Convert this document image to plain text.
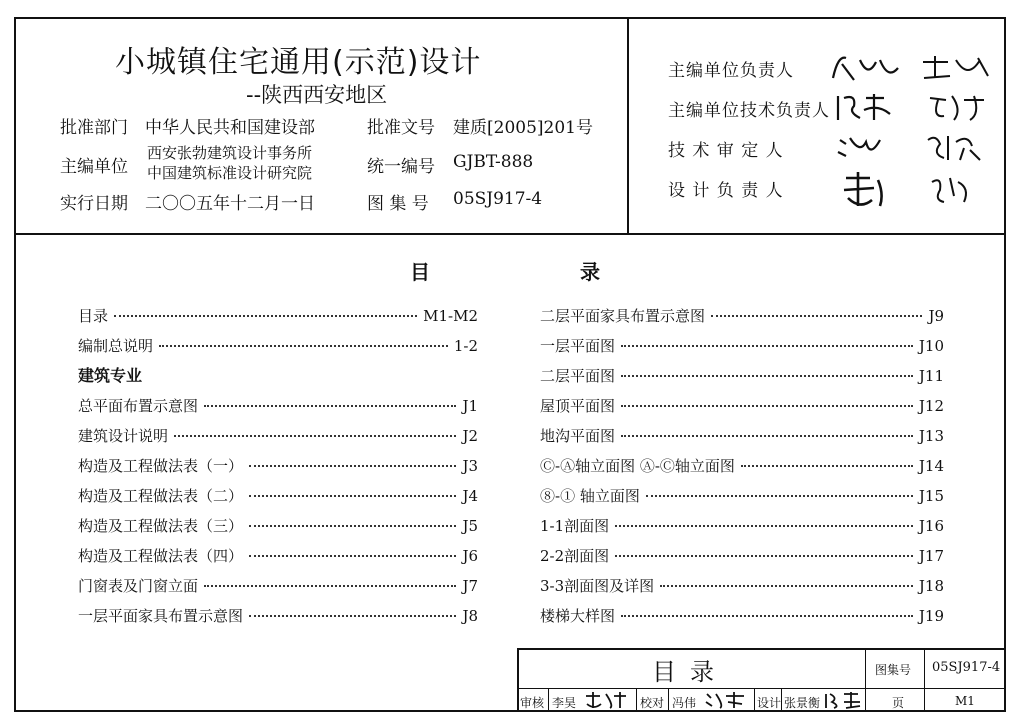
小城镇住宅通用(示范)设计
--陕西西安地区
批准部门 中华人民共和国建设部	批准文号 建质[2005]201号
主编单位
西安张勃建筑设计事务所
中国建筑标准设计研究院	统一编号 GJBT-888
实行日期 二〇〇五年十二月一日	图 集 号 05SJ917-4
主编单位负责人
主编单位技术负责人
技 术 审 定 人
设 计 负 责 人
目	录
目录	M1-M2
编制总说明	1-2
建筑专业
总平面布置示意图	J1
建筑设计说明	J2
构造及工程做法表（一）	J3
构造及工程做法表（二）	J4
构造及工程做法表（三）	J5
构造及工程做法表（四）	J6
门窗表及门窗立面	J7
一层平面家具布置示意图	J8
二层平面家具布置示意图	J9
一层平面图	J10
二层平面图	J11
屋顶平面图	J12
地沟平面图	J13
Ⓒ-Ⓐ轴立面图 Ⓐ-Ⓒ轴立面图	J14
⑧-① 轴立面图	J15
1-1剖面图	J16
2-2剖面图	J17
3-3剖面图及详图	J18
楼梯大样图	J19
目录	图集号 05SJ917-4
审核 李昊	校对 冯伟	设计 张景衡	页	M1
